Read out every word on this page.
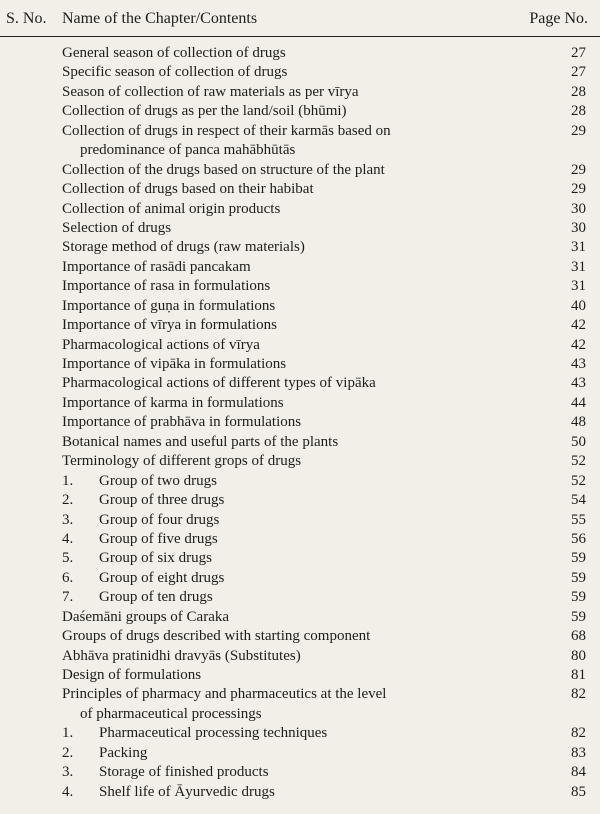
S. No. Name of the Chapter/Contents	Page No.
General season of collection of drugs	27
Specific season of collection of drugs	27
Season of collection of raw materials as per vīrya	28
Collection of drugs as per the land/soil (bhūmi)	28
Collection of drugs in respect of their karmās based on	29
predominance of panca mahābhūtās
Collection of the drugs based on structure of the plant	29
Collection of drugs based on their habibat	29
Collection of animal origin products	30
Selection of drugs	30
Storage method of drugs (raw materials)	31
Importance of rasādi pancakam	31
Importance of rasa in formulations	31
Importance of guṇa in formulations	40
Importance of vīrya in formulations	42
Pharmacological actions of vīrya	42
Importance of vipāka in formulations	43
Pharmacological actions of different types of vipāka	43
Importance of karma in formulations	44
Importance of prabhāva in formulations	48
Botanical names and useful parts of the plants	50
Terminology of different grops of drugs	52
1. Group of two drugs	52
2. Group of three drugs	54
3. Group of four drugs	55
4. Group of five drugs	56
5. Group of six drugs	59
6. Group of eight drugs	59
7. Group of ten drugs	59
Daśemāni groups of Caraka	59
Groups of drugs described with starting component	68
Abhāva pratinidhi dravyās (Substitutes)	80
Design of formulations	81
Principles of pharmacy and pharmaceutics at the level	82
of pharmaceutical processings
1. Pharmaceutical processing techniques	82
2. Packing	83
3. Storage of finished products	84
4. Shelf life of Āyurvedic drugs	85
